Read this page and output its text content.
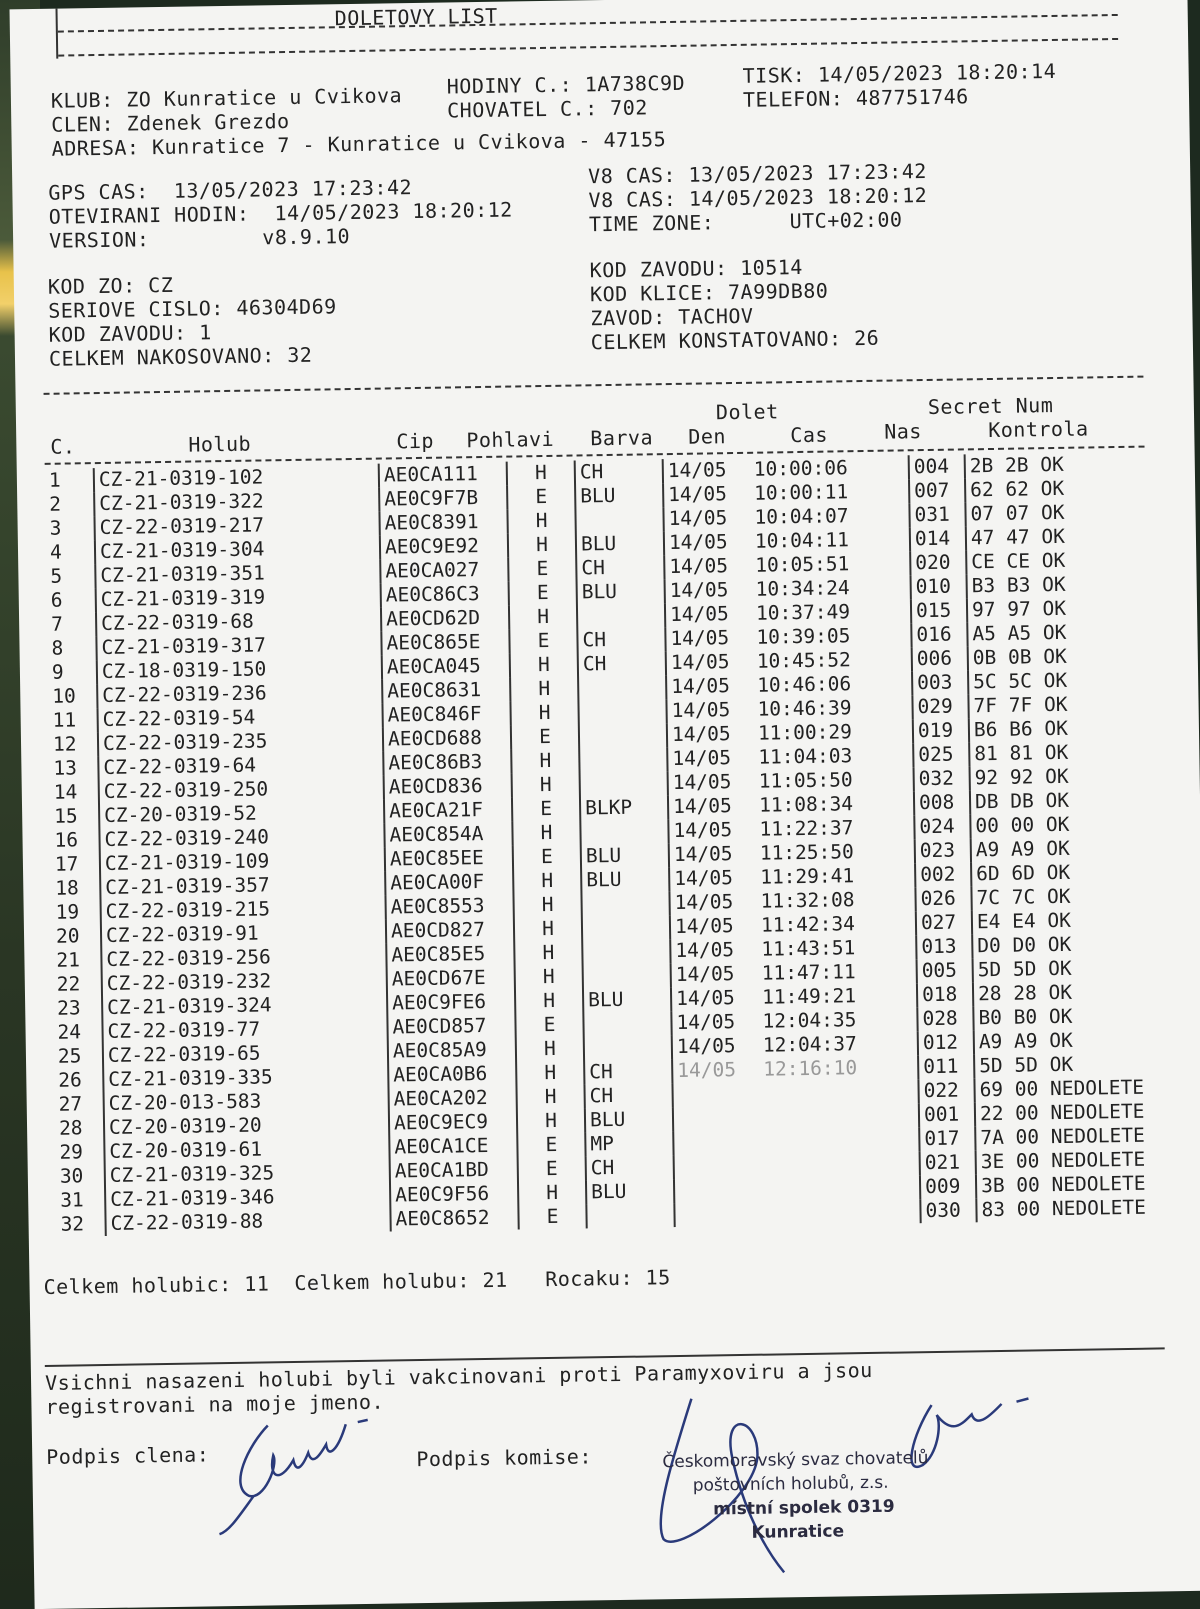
DOLETOVY LIST
KLUB: ZO Kunratice u Cvikova HODINY C.: 1A738C9D	TISK: 14/05/2023 18:20:14
CLEN: Zdenek Grezdo	CHOVATEL C.: 702	TELEFON: 487751746
ADRESA: Kunratice 7 - Kunratice u Cvikova - 47155
GPS CAS: 13/05/2023 17:23:42
OTEVIRANI HODIN: 14/05/2023 18:20:12
VERSION:	v8.9.10
V8 CAS: 13/05/2023 17:23:42
V8 CAS: 14/05/2023 18:20:12
TIME ZONE:	UTC+02:00
KOD ZO: CZ
SERIOVE CISLO: 46304D69
KOD ZAVODU: 1
CELKEM NAKOSOVANO: 32
KOD ZAVODU: 10514
KOD KLICE: 7A99DB80
ZAVOD: TACHOV
CELKEM KONSTATOVANO: 26
C.	Holub	Cip Pohlavi Barva
Dolet
Den	Cas
Secret Num
Nas	Kontrola
1	CZ-21-0319-102	AE0CA111	H	CH	14/05	10:00:06	004	2B 2B OK
2	CZ-21-0319-322	AE0C9F7B	E	BLU	14/05	10:00:11	007	62 62 OK
3	CZ-22-0319-217	AE0C8391	H		14/05	10:04:07	031	07 07 OK
4	CZ-21-0319-304	AE0C9E92	H	BLU	14/05	10:04:11	014	47 47 OK
5	CZ-21-0319-351	AE0CA027	E	CH	14/05	10:05:51	020	CE CE OK
6	CZ-21-0319-319	AE0C86C3	E	BLU	14/05	10:34:24	010	B3 B3 OK
7	CZ-22-0319-68	AE0CD62D	H		14/05	10:37:49	015	97 97 OK
8	CZ-21-0319-317	AE0C865E	E	CH	14/05	10:39:05	016	A5 A5 OK
9	CZ-18-0319-150	AE0CA045	H	CH	14/05	10:45:52	006	0B 0B OK
10	CZ-22-0319-236	AE0C8631	H		14/05	10:46:06	003	5C 5C OK
11	CZ-22-0319-54	AE0C846F	H		14/05	10:46:39	029	7F 7F OK
12	CZ-22-0319-235	AE0CD688	E		14/05	11:00:29	019	B6 B6 OK
13	CZ-22-0319-64	AE0C86B3	H		14/05	11:04:03	025	81 81 OK
14	CZ-22-0319-250	AE0CD836	H		14/05	11:05:50	032	92 92 OK
15	CZ-20-0319-52	AE0CA21F	E	BLKP	14/05	11:08:34	008	DB DB OK
16	CZ-22-0319-240	AE0C854A	H		14/05	11:22:37	024	00 00 OK
17	CZ-21-0319-109	AE0C85EE	E	BLU	14/05	11:25:50	023	A9 A9 OK
18	CZ-21-0319-357	AE0CA00F	H	BLU	14/05	11:29:41	002	6D 6D OK
19	CZ-22-0319-215	AE0C8553	H		14/05	11:32:08	026	7C 7C OK
20	CZ-22-0319-91	AE0CD827	H		14/05	11:42:34	027	E4 E4 OK
21	CZ-22-0319-256	AE0C85E5	H		14/05	11:43:51	013	D0 D0 OK
22	CZ-22-0319-232	AE0CD67E	H		14/05	11:47:11	005	5D 5D OK
23	CZ-21-0319-324	AE0C9FE6	H	BLU	14/05	11:49:21	018	28 28 OK
24	CZ-22-0319-77	AE0CD857	E		14/05	12:04:35	028	B0 B0 OK
25	CZ-22-0319-65	AE0C85A9	H		14/05	12:04:37	012	A9 A9 OK
26	CZ-21-0319-335	AE0CA0B6	H	CH	14/05	12:16:10	011	5D 5D OK
27	CZ-20-013-583	AE0CA202	H	CH			022	69 00 NEDOLETE
28	CZ-20-0319-20	AE0C9EC9	H	BLU			001	22 00 NEDOLETE
29	CZ-20-0319-61	AE0CA1CE	E	MP			017	7A 00 NEDOLETE
30	CZ-21-0319-325	AE0CA1BD	E	CH			021	3E 00 NEDOLETE
31	CZ-21-0319-346	AE0C9F56	H	BLU			009	3B 00 NEDOLETE
32	CZ-22-0319-88	AE0C8652	E				030	83 00 NEDOLETE
Celkem holubic: 11 Celkem holubu: 21 Rocaku: 15
Vsichni nasazeni holubi byli vakcinovani proti Paramyxoviru a jsou
registrovani na moje jmeno.
Podpis clena:	Podpis komise:	Českomoravský svaz chovatelů
poštovních holubů, z.s.
místní spolek 0319
Kunratice
